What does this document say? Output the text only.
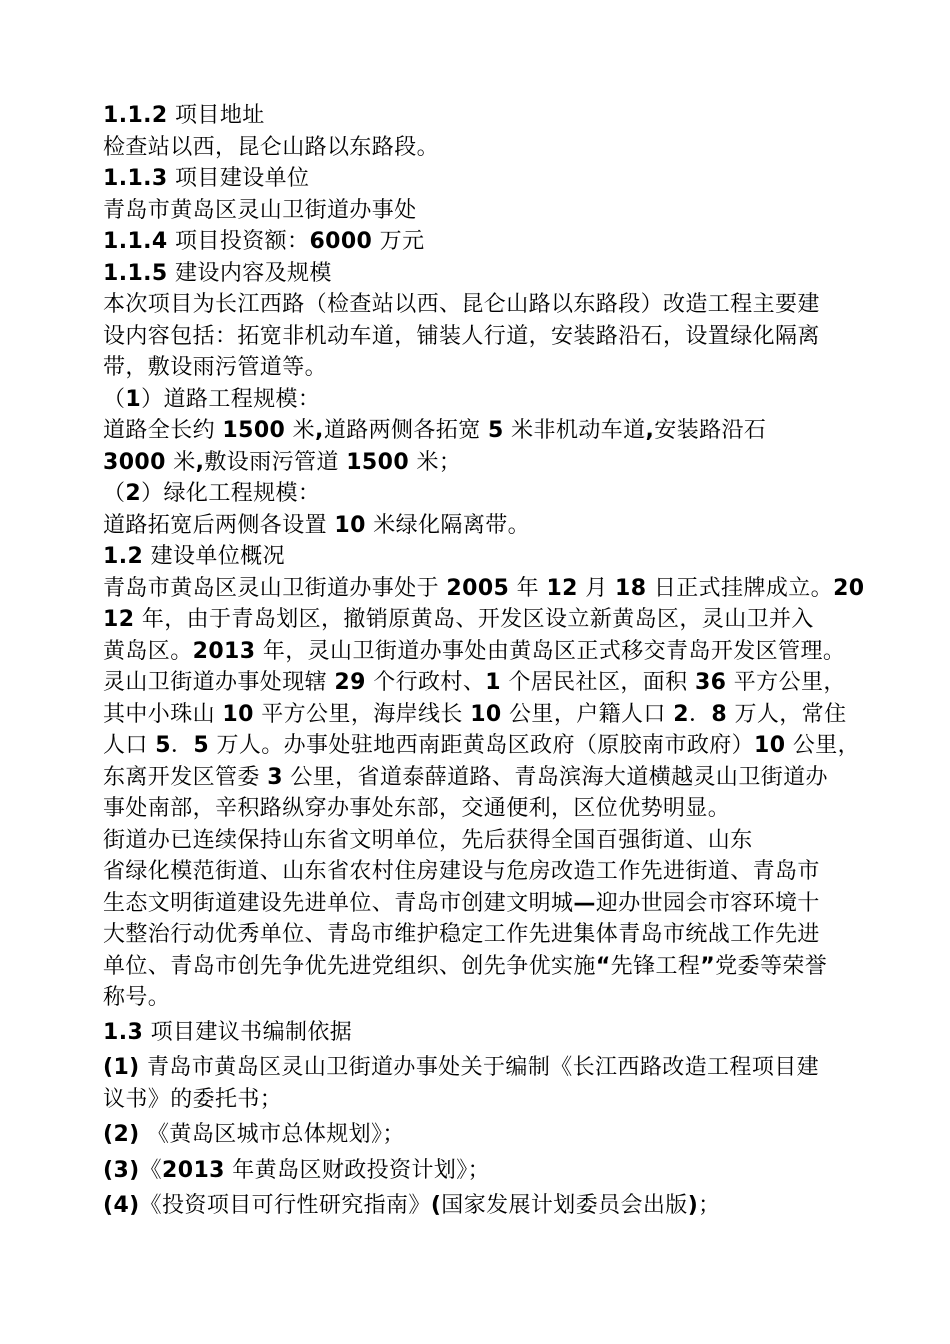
1.1.2 项目地址
检查站以西，昆仑山路以东路段。
1.1.3 项目建设单位
青岛市黄岛区灵山卫街道办事处
1.1.4 项目投资额：6000 万元
1.1.5 建设内容及规模
本次项目为长江西路（检查站以西、昆仑山路以东路段）改造工程主要建
设内容包括：拓宽非机动车道，铺装人行道，安装路沿石，设置绿化隔离
带，敷设雨污管道等。
（1）道路工程规模：
道路全长约 1500 米,道路两侧各拓宽 5 米非机动车道,安装路沿石
3000 米,敷设雨污管道 1500 米；
（2）绿化工程规模：
道路拓宽后两侧各设置 10 米绿化隔离带。
1.2 建设单位概况
青岛市黄岛区灵山卫街道办事处于 2005 年 12 月 18 日正式挂牌成立。20
12 年，由于青岛划区，撤销原黄岛、开发区设立新黄岛区，灵山卫并入
黄岛区。2013 年，灵山卫街道办事处由黄岛区正式移交青岛开发区管理。
灵山卫街道办事处现辖 29 个行政村、1 个居民社区，面积 36 平方公里，
其中小珠山 10 平方公里，海岸线长 10 公里，户籍人口 2．8 万人，常住
人口 5．5 万人。办事处驻地西南距黄岛区政府（原胶南市政府）10 公里，
东离开发区管委 3 公里，省道泰薛道路、青岛滨海大道横越灵山卫街道办
事处南部，辛积路纵穿办事处东部，交通便利，区位优势明显。
街道办已连续保持山东省文明单位，先后获得全国百强街道、山东
省绿化模范街道、山东省农村住房建设与危房改造工作先进街道、青岛市
生态文明街道建设先进单位、青岛市创建文明城—迎办世园会市容环境十
大整治行动优秀单位、青岛市维护稳定工作先进集体青岛市统战工作先进
单位、青岛市创先争优先进党组织、创先争优实施“先锋工程”党委等荣誉
称号。
1.3 项目建议书编制依据
(1) 青岛市黄岛区灵山卫街道办事处关于编制《长江西路改造工程项目建
议书》的委托书；
(2) 《黄岛区城市总体规划》；
(3)《2013 年黄岛区财政投资计划》；
(4)《投资项目可行性研究指南》(国家发展计划委员会出版)；
